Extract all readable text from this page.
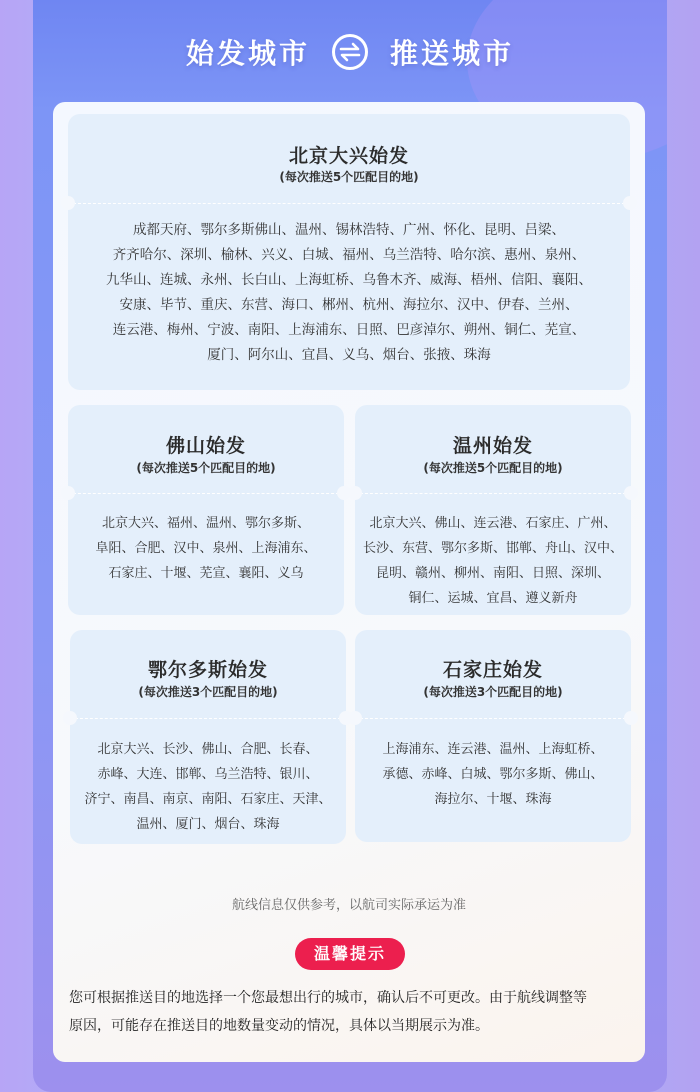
始发城市	推送城市
北京大兴始发
(每次推送5个匹配目的地)
成都天府、鄂尔多斯佛山、温州、锡林浩特、广州、怀化、昆明、吕梁、
齐齐哈尔、深圳、榆林、兴义、白城、福州、乌兰浩特、哈尔滨、惠州、泉州、
九华山、连城、永州、长白山、上海虹桥、乌鲁木齐、威海、梧州、信阳、襄阳、
安康、毕节、重庆、东营、海口、郴州、杭州、海拉尔、汉中、伊春、兰州、
连云港、梅州、宁波、南阳、上海浦东、日照、巴彦淖尔、朔州、铜仁、芜宣、
厦门、阿尔山、宜昌、义乌、烟台、张掖、珠海
佛山始发
(每次推送5个匹配目的地)
北京大兴、福州、温州、鄂尔多斯、
阜阳、合肥、汉中、泉州、上海浦东、
石家庄、十堰、芜宣、襄阳、义乌
温州始发
(每次推送5个匹配目的地)
北京大兴、佛山、连云港、石家庄、广州、
长沙、东营、鄂尔多斯、邯郸、舟山、汉中、
昆明、赣州、柳州、南阳、日照、深圳、
铜仁、运城、宜昌、遵义新舟
鄂尔多斯始发
(每次推送3个匹配目的地)
北京大兴、长沙、佛山、合肥、长春、
赤峰、大连、邯郸、乌兰浩特、银川、
济宁、南昌、南京、南阳、石家庄、天津、
温州、厦门、烟台、珠海
石家庄始发
(每次推送3个匹配目的地)
上海浦东、连云港、温州、上海虹桥、
承德、赤峰、白城、鄂尔多斯、佛山、
海拉尔、十堰、珠海
航线信息仅供参考，以航司实际承运为准
温馨提示
您可根据推送目的地选择一个您最想出行的城市，确认后不可更改。由于航线调整等
原因，可能存在推送目的地数量变动的情况，具体以当期展示为准。
